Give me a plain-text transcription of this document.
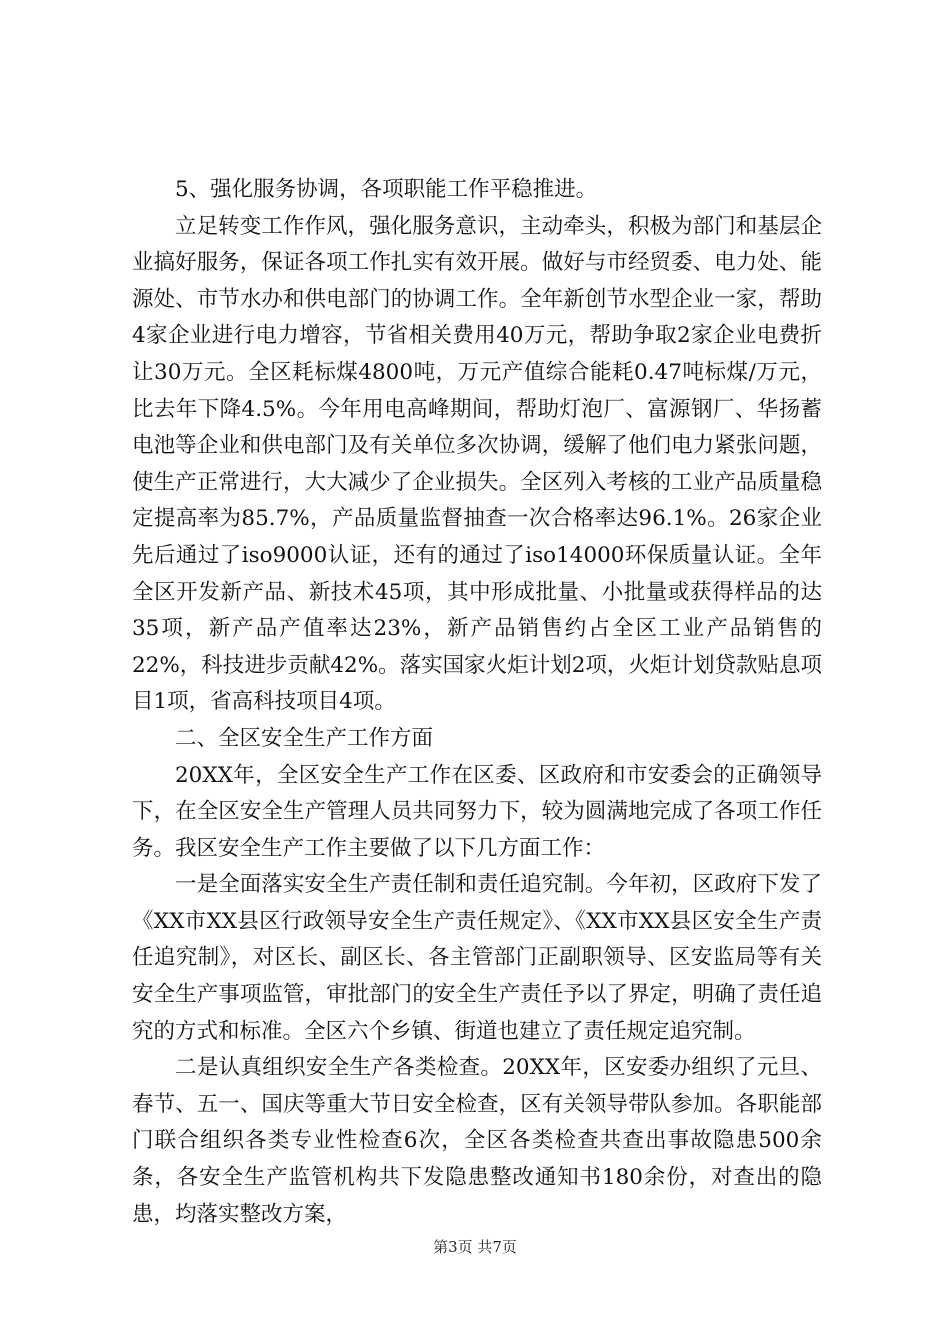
5、强化服务协调，各项职能工作平稳推进。

立足转变工作作风，强化服务意识，主动牵头，积极为部门和基层企业搞好服务，保证各项工作扎实有效开展。做好与市经贸委、电力处、能源处、市节水办和供电部门的协调工作。全年新创节水型企业一家，帮助4家企业进行电力增容，节省相关费用40万元，帮助争取2家企业电费折让30万元。全区耗标煤4800吨，万元产值综合能耗0.47吨标煤/万元，比去年下降4.5%。今年用电高峰期间，帮助灯泡厂、富源钢厂、华扬蓄电池等企业和供电部门及有关单位多次协调，缓解了他们电力紧张问题，使生产正常进行，大大减少了企业损失。全区列入考核的工业产品质量稳定提高率为85.7%，产品质量监督抽查一次合格率达96.1%。26家企业先后通过了iso9000认证，还有的通过了iso14000环保质量认证。全年全区开发新产品、新技术45项，其中形成批量、小批量或获得样品的达35项，新产品产值率达23%，新产品销售约占全区工业产品销售的22%，科技进步贡献42%。落实国家火炬计划2项，火炬计划贷款贴息项目1项，省高科技项目4项。

二、全区安全生产工作方面

20XX年，全区安全生产工作在区委、区政府和市安委会的正确领导下，在全区安全生产管理人员共同努力下，较为圆满地完成了各项工作任务。我区安全生产工作主要做了以下几方面工作：

一是全面落实安全生产责任制和责任追究制。今年初，区政府下发了《XX市XX县区行政领导安全生产责任规定》、《XX市XX县区安全生产责任追究制》，对区长、副区长、各主管部门正副职领导、区安监局等有关安全生产事项监管，审批部门的安全生产责任予以了界定，明确了责任追究的方式和标准。全区六个乡镇、街道也建立了责任规定追究制。

二是认真组织安全生产各类检查。20XX年，区安委办组织了元旦、春节、五一、国庆等重大节日安全检查，区有关领导带队参加。各职能部门联合组织各类专业性检查6次，全区各类检查共查出事故隐患500余条，各安全生产监管机构共下发隐患整改通知书180余份，对查出的隐患，均落实整改方案，

第3页 共7页
